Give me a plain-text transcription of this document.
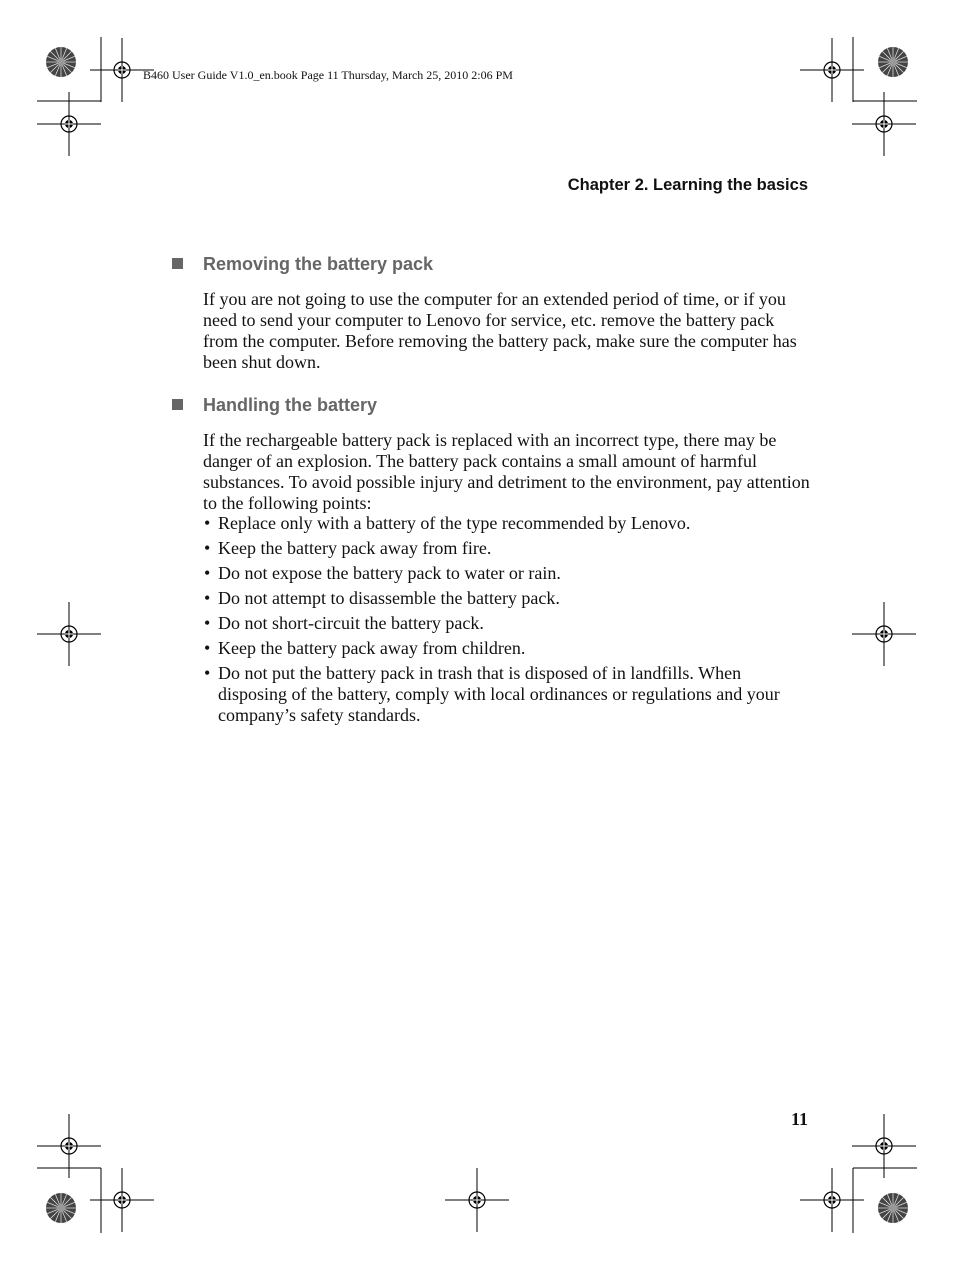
B460 User Guide V1.0_en.book Page 11 Thursday, March 25, 2010 2:06 PM
Chapter 2. Learning the basics
Removing the battery pack
If you are not going to use the computer for an extended period of time, or if you need to send your computer to Lenovo for service, etc. remove the battery pack from the computer. Before removing the battery pack, make sure the computer has been shut down.
Handling the battery
If the rechargeable battery pack is replaced with an incorrect type, there may be danger of an explosion. The battery pack contains a small amount of harmful substances. To avoid possible injury and detriment to the environment, pay attention to the following points:
• Replace only with a battery of the type recommended by Lenovo.
• Keep the battery pack away from fire.
• Do not expose the battery pack to water or rain.
• Do not attempt to disassemble the battery pack.
• Do not short-circuit the battery pack.
• Keep the battery pack away from children.
• Do not put the battery pack in trash that is disposed of in landfills. When disposing of the battery, comply with local ordinances or regulations and your company’s safety standards.
11
